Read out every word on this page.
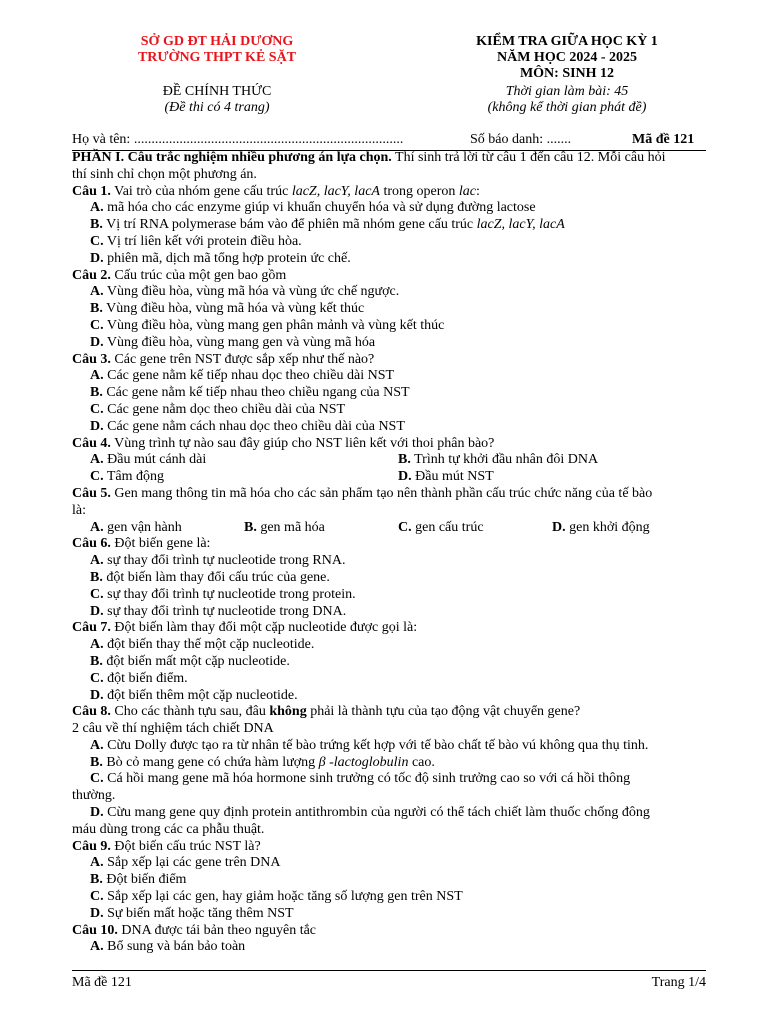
SỞ GD ĐT HẢI DƯƠNG
TRƯỜNG THPT KẺ SẶT
ĐỀ CHÍNH THỨC
(Đề thi có 4 trang)
KIỂM TRA GIỮA HỌC KỲ 1
NĂM HỌC 2024 - 2025
MÔN: SINH 12
Thời gian làm bài: 45
(không kể thời gian phát đề)
Họ và tên: .............................................................................	Số báo danh: .......	Mã đề 121
PHẦN I. Câu trắc nghiệm nhiều phương án lựa chọn. Thí sinh trả lời từ câu 1 đến câu 12. Mỗi câu hỏi
thí sinh chỉ chọn một phương án.
Câu 1. Vai trò của nhóm gene cấu trúc lacZ, lacY, lacA trong operon lac:
A. mã hóa cho các enzyme giúp vi khuẩn chuyển hóa và sử dụng đường lactose
B. Vị trí RNA polymerase bám vào để phiên mã nhóm gene cấu trúc lacZ, lacY, lacA
C. Vị trí liên kết với protein điều hòa.
D. phiên mã, dịch mã tổng hợp protein ức chế.
Câu 2. Cấu trúc của một gen bao gồm
A. Vùng điều hòa, vùng mã hóa và vùng ức chế ngược.
B. Vùng điều hòa, vùng mã hóa và vùng kết thúc
C. Vùng điều hòa, vùng mang gen phân mảnh và vùng kết thúc
D. Vùng điều hòa, vùng mang gen và vùng mã hóa
Câu 3. Các gene trên NST được sắp xếp như thế nào?
A. Các gene nằm kế tiếp nhau dọc theo chiều dài NST
B. Các gene nằm kế tiếp nhau theo chiều ngang của NST
C. Các gene nằm dọc theo chiều dài của NST
D. Các gene nằm cách nhau dọc theo chiều dài của NST
Câu 4. Vùng trình tự nào sau đây giúp cho NST liên kết với thoi phân bào?
A. Đầu mút cánh dài	B. Trình tự khởi đầu nhân đôi DNA
C. Tâm động	D. Đầu mút NST
Câu 5. Gen mang thông tin mã hóa cho các sản phẩm tạo nên thành phần cấu trúc chức năng của tế bào
là:
A. gen vận hành	B. gen mã hóa	C. gen cấu trúc	D. gen khởi động
Câu 6. Đột biến gene là:
A. sự thay đổi trình tự nucleotide trong RNA.
B. đột biến làm thay đổi cấu trúc của gene.
C. sự thay đổi trình tự nucleotide trong protein.
D. sự thay đổi trình tự nucleotide trong DNA.
Câu 7. Đột biến làm thay đổi một cặp nucleotide được gọi là:
A. đột biến thay thế một cặp nucleotide.
B. đột biến mất một cặp nucleotide.
C. đột biến điểm.
D. đột biến thêm một cặp nucleotide.
Câu 8. Cho các thành tựu sau, đâu không phải là thành tựu của tạo động vật chuyển gene?
2 câu về thí nghiệm tách chiết DNA
A. Cừu Dolly được tạo ra từ nhân tế bào trứng kết hợp với tế bào chất tế bào vú không qua thụ tinh.
B. Bò cỏ mang gene có chứa hàm lượng β -lactoglobulin cao.
C. Cá hồi mang gene mã hóa hormone sinh trưởng có tốc độ sinh trưởng cao so với cá hồi thông
thường.
D. Cừu mang gene quy định protein antithrombin của người có thể tách chiết làm thuốc chống đông
máu dùng trong các ca phẫu thuật.
Câu 9. Đột biến cấu trúc NST là?
A. Sắp xếp lại các gene trên DNA
B. Đột biến điểm
C. Sắp xếp lại các gen, hay giảm hoặc tăng số lượng gen trên NST
D. Sự biến mất hoặc tăng thêm NST
Câu 10. DNA được tái bản theo nguyên tắc
A. Bổ sung và bán bảo toàn
Mã đề 121	Trang 1/4
